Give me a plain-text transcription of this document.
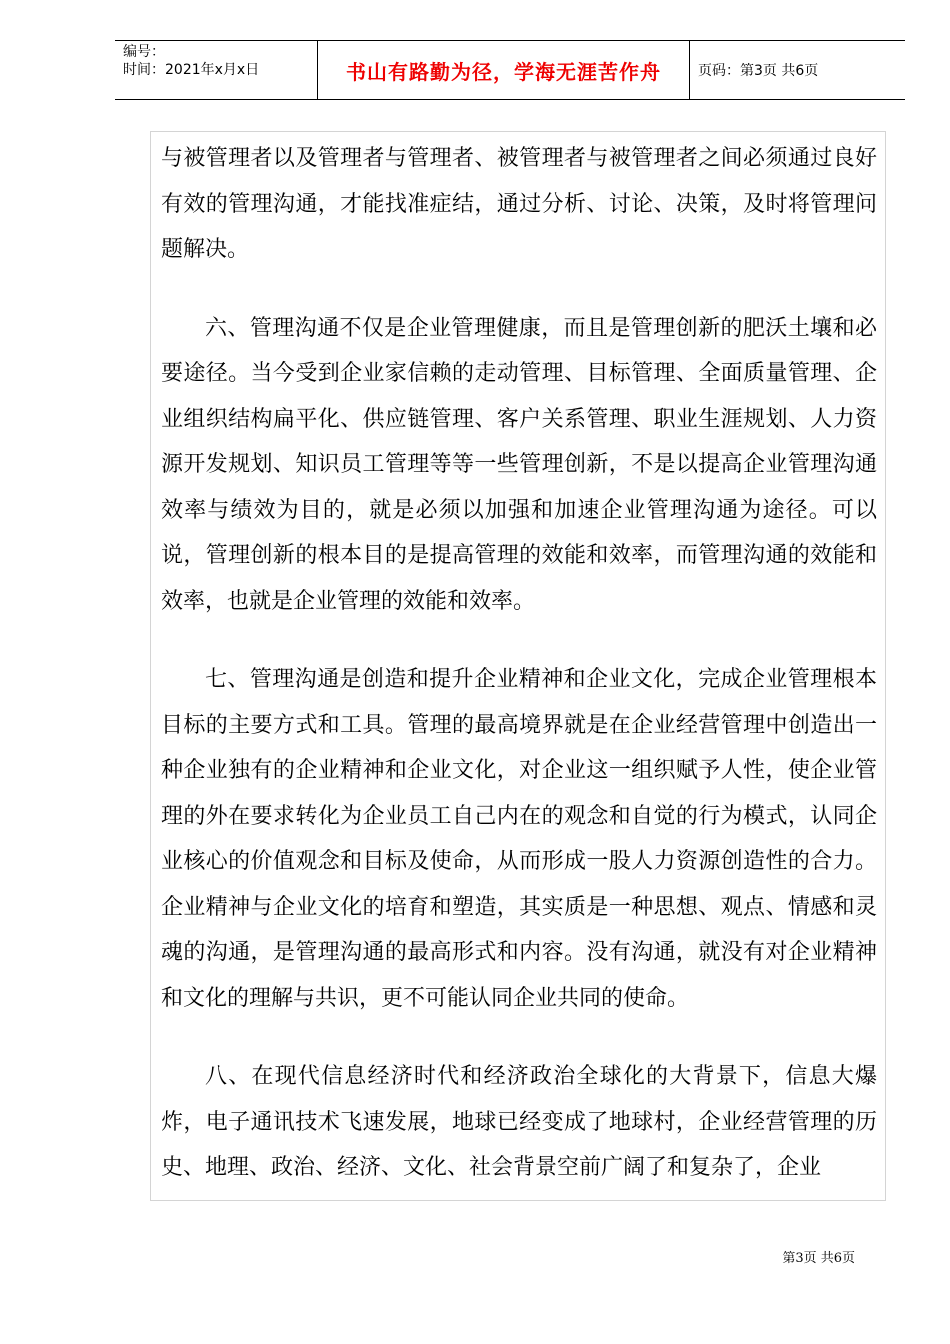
编号：
时间：2021年x月x日	书山有路勤为径，学海无涯苦作舟	页码：第3页 共6页

与被管理者以及管理者与管理者、被管理者与被管理者之间必须通过良好有效的管理沟通，才能找准症结，通过分析、讨论、决策，及时将管理问题解决。

六、管理沟通不仅是企业管理健康，而且是管理创新的肥沃土壤和必要途径。当今受到企业家信赖的走动管理、目标管理、全面质量管理、企业组织结构扁平化、供应链管理、客户关系管理、职业生涯规划、人力资源开发规划、知识员工管理等等一些管理创新，不是以提高企业管理沟通效率与绩效为目的，就是必须以加强和加速企业管理沟通为途径。可以说，管理创新的根本目的是提高管理的效能和效率，而管理沟通的效能和效率，也就是企业管理的效能和效率。

七、管理沟通是创造和提升企业精神和企业文化，完成企业管理根本目标的主要方式和工具。管理的最高境界就是在企业经营管理中创造出一种企业独有的企业精神和企业文化，对企业这一组织赋予人性，使企业管理的外在要求转化为企业员工自己内在的观念和自觉的行为模式，认同企业核心的价值观念和目标及使命，从而形成一股人力资源创造性的合力。企业精神与企业文化的培育和塑造，其实质是一种思想、观点、情感和灵魂的沟通，是管理沟通的最高形式和内容。没有沟通，就没有对企业精神和文化的理解与共识，更不可能认同企业共同的使命。

八、在现代信息经济时代和经济政治全球化的大背景下，信息大爆炸，电子通讯技术飞速发展，地球已经变成了地球村，企业经营管理的历史、地理、政治、经济、文化、社会背景空前广阔了和复杂了，企业

第3页 共6页
